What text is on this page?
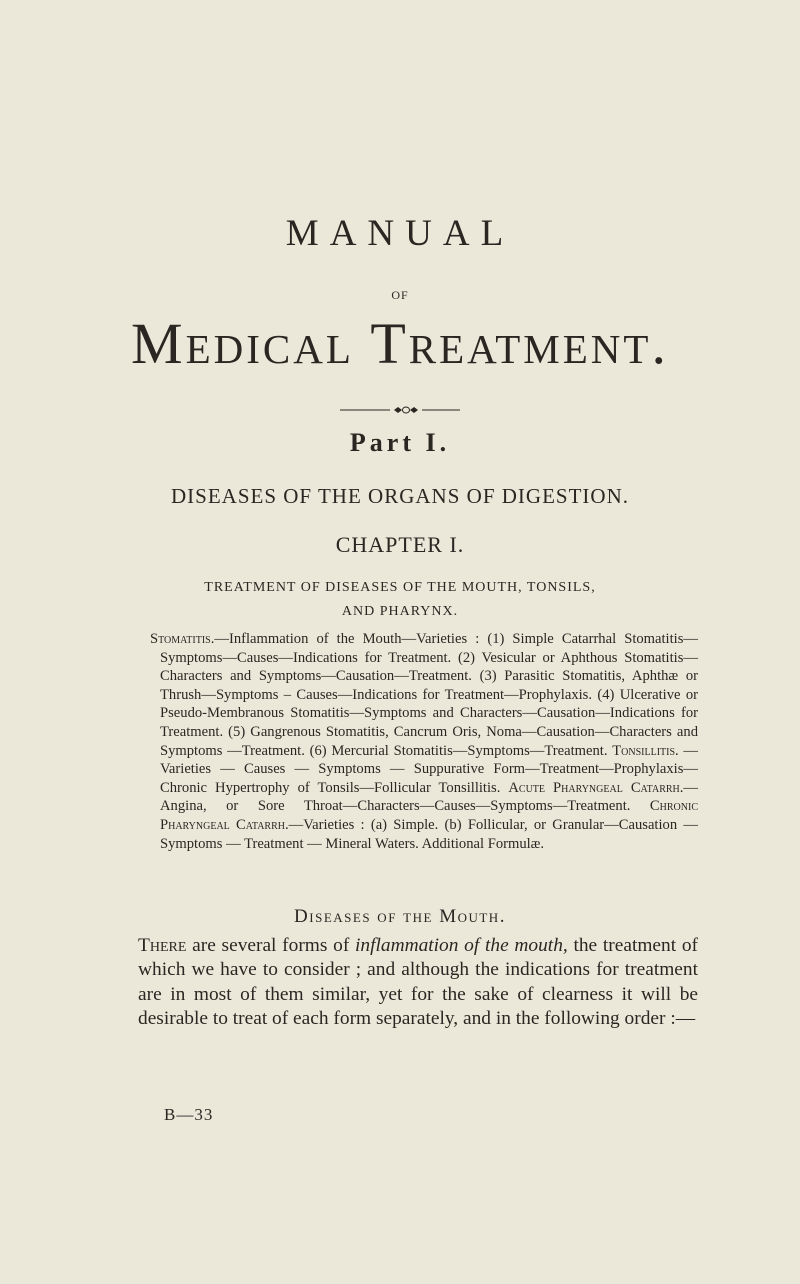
MANUAL
OF
Medical Treatment.
Part I.
DISEASES OF THE ORGANS OF DIGESTION.
CHAPTER I.
TREATMENT OF DISEASES OF THE MOUTH, TONSILS,
AND PHARYNX.
Stomatitis.—Inflammation of the Mouth—Varieties : (1) Simple Catarrhal Stomatitis—Symptoms—Causes—Indications for Treatment. (2) Vesicular or Aphthous Stomatitis—Characters and Symptoms—Causation—Treatment. (3) Parasitic Stomatitis, Aphthæ or Thrush—Symptoms – Causes—Indications for Treatment—Prophylaxis. (4) Ulcerative or Pseudo-Membranous Stomatitis—Symptoms and Characters—Causation—Indications for Treatment. (5) Gangrenous Stomatitis, Cancrum Oris, Noma—Causation—Characters and Symptoms —Treatment. (6) Mercurial Stomatitis—Symptoms—Treatment. Tonsillitis. —Varieties — Causes — Symptoms — Suppurative Form—Treatment—Prophylaxis—Chronic Hypertrophy of Tonsils—Follicular Tonsillitis. Acute Pharyngeal Catarrh.—Angina, or Sore Throat—Characters—Causes—Symptoms—Treatment. Chronic Pharyngeal Catarrh.—Varieties : (a) Simple. (b) Follicular, or Granular—Causation — Symptoms — Treatment — Mineral Waters. Additional Formulæ.
Diseases of the Mouth.
There are several forms of inflammation of the mouth, the treatment of which we have to consider ; and although the indications for treatment are in most of them similar, yet for the sake of clearness it will be desirable to treat of each form separately, and in the following order :—
B—33
